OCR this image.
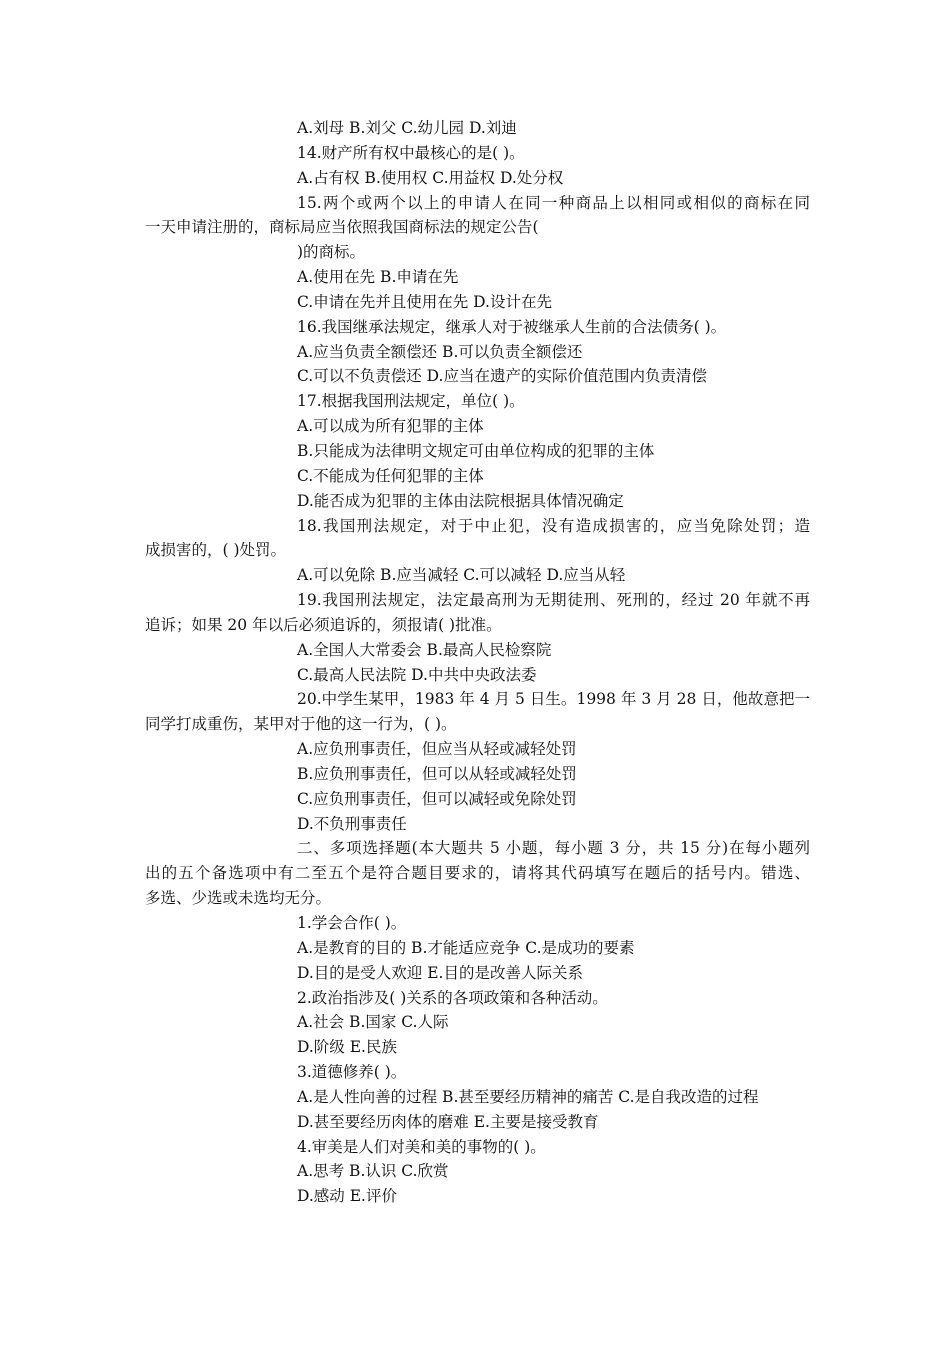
A.刘母 B.刘父 C.幼儿园 D.刘迪
14.财产所有权中最核心的是( )。
A.占有权 B.使用权 C.用益权 D.处分权
15.两个或两个以上的申请人在同一种商品上以相同或相似的商标在同
一天申请注册的，商标局应当依照我国商标法的规定公告(
)的商标。
A.使用在先 B.申请在先
C.申请在先并且使用在先 D.设计在先
16.我国继承法规定，继承人对于被继承人生前的合法债务( )。
A.应当负责全额偿还 B.可以负责全额偿还
C.可以不负责偿还 D.应当在遗产的实际价值范围内负责清偿
17.根据我国刑法规定，单位( )。
A.可以成为所有犯罪的主体
B.只能成为法律明文规定可由单位构成的犯罪的主体
C.不能成为任何犯罪的主体
D.能否成为犯罪的主体由法院根据具体情况确定
18.我国刑法规定，对于中止犯，没有造成损害的，应当免除处罚；造
成损害的，( )处罚。
A.可以免除 B.应当减轻 C.可以减轻 D.应当从轻
19.我国刑法规定，法定最高刑为无期徒刑、死刑的，经过 20 年就不再
追诉；如果 20 年以后必须追诉的，须报请( )批准。
A.全国人大常委会 B.最高人民检察院
C.最高人民法院 D.中共中央政法委
20.中学生某甲，1983 年 4 月 5 日生。1998 年 3 月 28 日，他故意把一
同学打成重伤，某甲对于他的这一行为，( )。
A.应负刑事责任，但应当从轻或减轻处罚
B.应负刑事责任，但可以从轻或减轻处罚
C.应负刑事责任，但可以减轻或免除处罚
D.不负刑事责任
二、多项选择题(本大题共 5 小题，每小题 3 分，共 15 分)在每小题列
出的五个备选项中有二至五个是符合题目要求的，请将其代码填写在题后的括号内。错选、
多选、少选或未选均无分。
1.学会合作( )。
A.是教育的目的 B.才能适应竞争 C.是成功的要素
D.目的是受人欢迎 E.目的是改善人际关系
2.政治指涉及( )关系的各项政策和各种活动。
A.社会 B.国家 C.人际
D.阶级 E.民族
3.道德修养( )。
A.是人性向善的过程 B.甚至要经历精神的痛苦 C.是自我改造的过程
D.甚至要经历肉体的磨难 E.主要是接受教育
4.审美是人们对美和美的事物的( )。
A.思考 B.认识 C.欣赏
D.感动 E.评价
